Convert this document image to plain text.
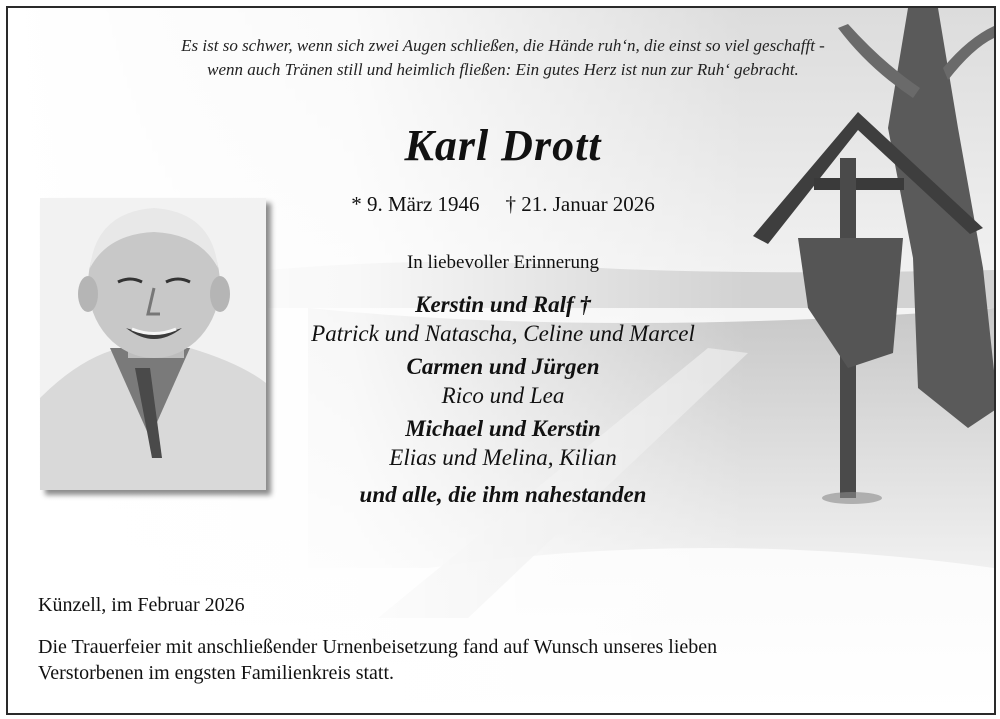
Es ist so schwer, wenn sich zwei Augen schließen, die Hände ruh‘n, die einst so viel geschafft -
wenn auch Tränen still und heimlich fließen: Ein gutes Herz ist nun zur Ruh‘ gebracht.
Karl Drott
* 9. März 1946 † 21. Januar 2026
In liebevoller Erinnerung
Kerstin und Ralf †
Patrick und Natascha, Celine und Marcel
Carmen und Jürgen
Rico und Lea
Michael und Kerstin
Elias und Melina, Kilian
und alle, die ihm nahestanden
Künzell, im Februar 2026
Die Trauerfeier mit anschließender Urnenbeisetzung fand auf Wunsch unseres lieben
Verstorbenen im engsten Familienkreis statt.
